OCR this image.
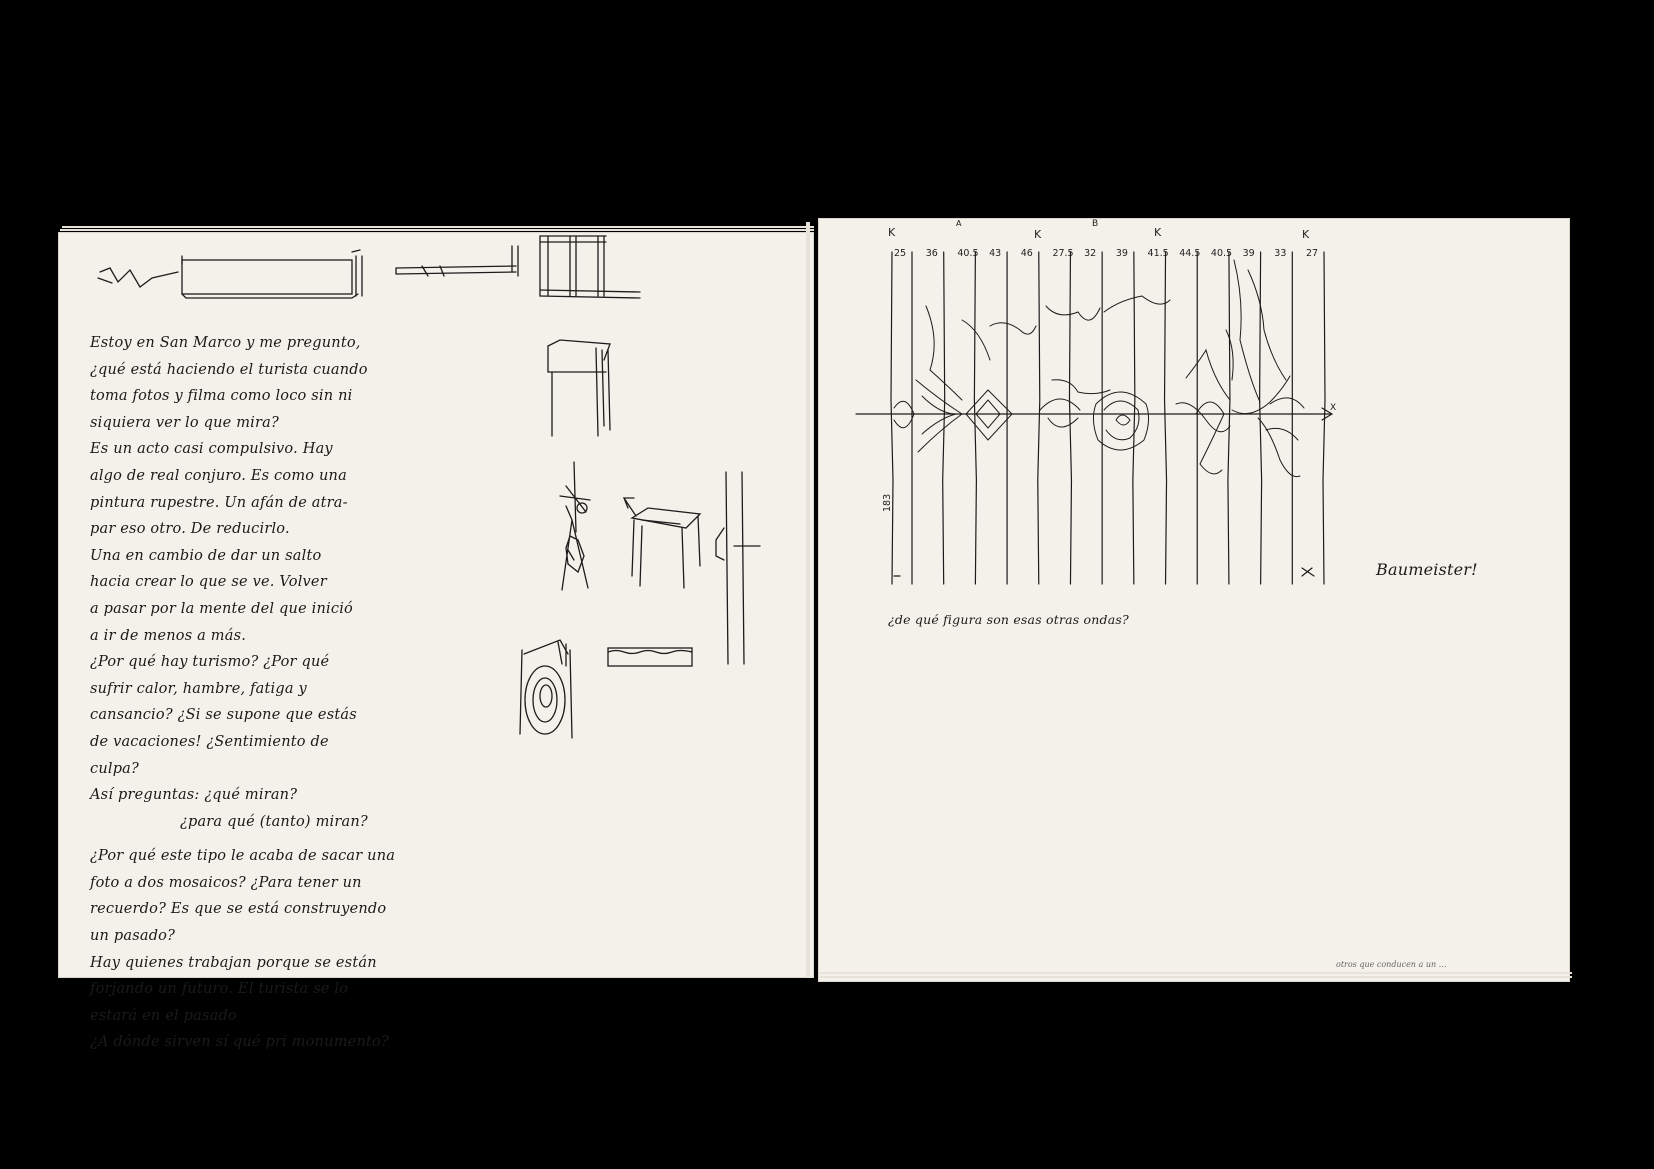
Estoy en San Marco y me pregunto,
¿qué está haciendo el turista cuando
toma fotos y filma como loco sin ni
siquiera ver lo que mira?
Es un acto casi compulsivo. Hay
algo de real conjuro. Es como una
pintura rupestre. Un afán de atra-
par eso otro. De reducirlo.
Una en cambio de dar un salto
hacia crear lo que se ve. Volver
a pasar por la mente del que inició
a ir de menos a más.
¿Por qué hay turismo? ¿Por qué
sufrir calor, hambre, fatiga y
cansancio? ¿Si se supone que estás
de vacaciones! ¿Sentimiento de
culpa?
Así preguntas: ¿qué miran?
¿para qué (tanto) miran?
¿Por qué este tipo le acaba de sacar una
foto a dos mosaicos? ¿Para tener un
recuerdo? Es que se está construyendo
un pasado?
Hay quienes trabajan porque se están
forjando un futuro. El turista se lo
estará en el pasado
¿A dónde sirven sí qué pri monumento?
K
A
K
B
K	K
25 36 40.5 43 46 27.5 32 39 41.5 44.5 40.5 39 33 27
X
183
¿de qué figura son esas otras ondas?
Baumeister!
otros que conducen a un …
